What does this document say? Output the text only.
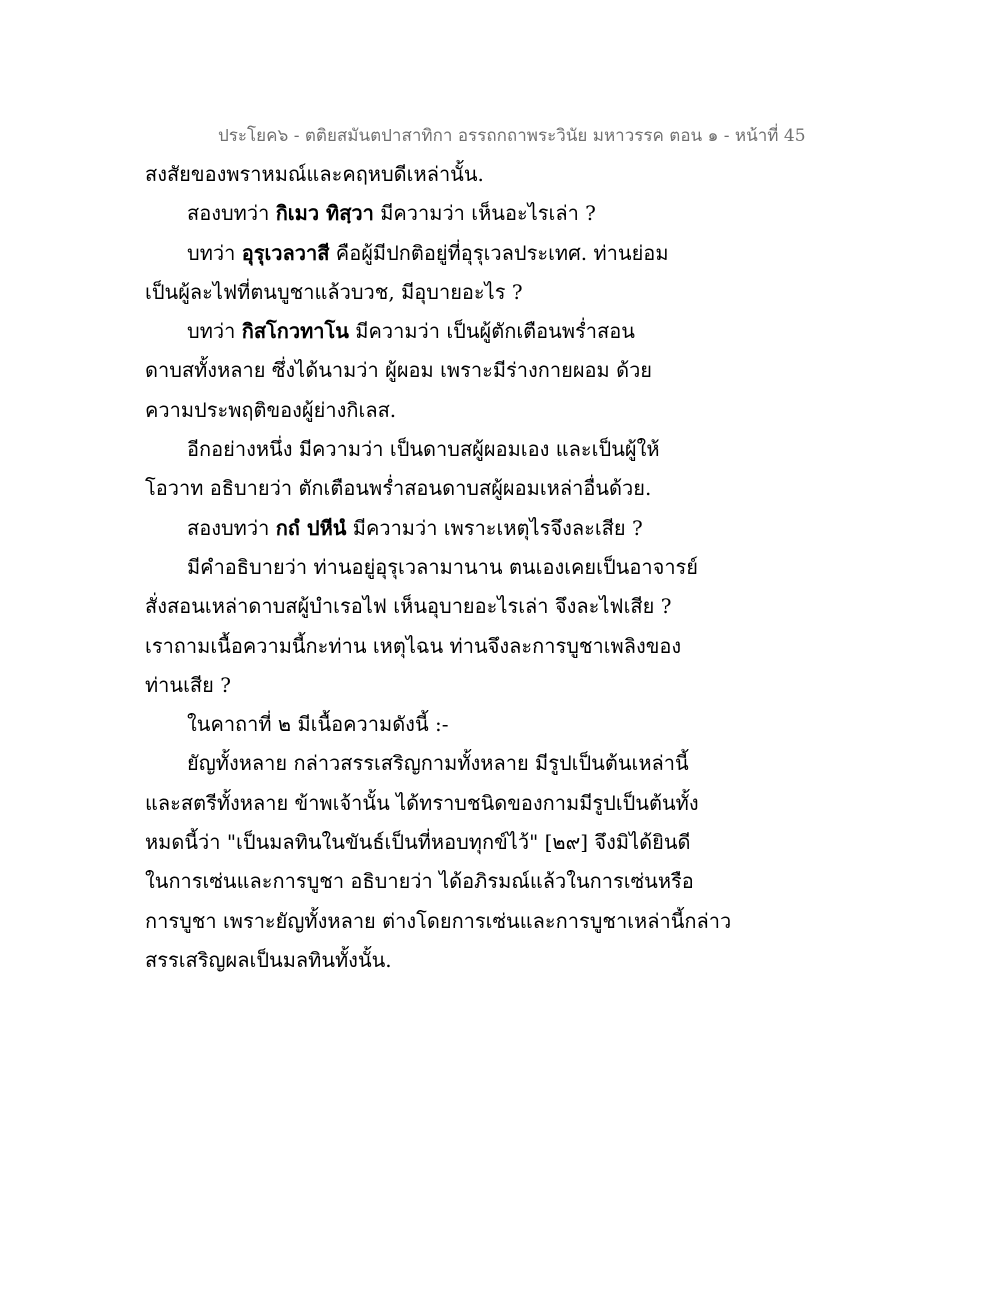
ประโยค๖ - ตติยสมันตปาสาทิกา อรรถกถาพระวินัย มหาวรรค ตอน ๑ - หน้าที่ 45
สงสัยของพราหมณ์และคฤหบดีเหล่านั้น.
สองบทว่า กิเมว ทิสฺวา มีความว่า เห็นอะไรเล่า ?
บทว่า อุรุเวลวาสี คือผู้มีปกติอยู่ที่อุรุเวลประเทศ. ท่านย่อม
เป็นผู้ละไฟที่ตนบูชาแล้วบวช, มีอุบายอะไร ?
บทว่า กิสโกวทาโน มีความว่า เป็นผู้ตักเตือนพร่ำสอน
ดาบสทั้งหลาย ซึ่งได้นามว่า ผู้ผอม เพราะมีร่างกายผอม ด้วย
ความประพฤติของผู้ย่างกิเลส.
อีกอย่างหนึ่ง มีความว่า เป็นดาบสผู้ผอมเอง และเป็นผู้ให้
โอวาท อธิบายว่า ตักเตือนพร่ำสอนดาบสผู้ผอมเหล่าอื่นด้วย.
สองบทว่า กถํ ปหีนํ มีความว่า เพราะเหตุไรจึงละเสีย ?
มีคำอธิบายว่า ท่านอยู่อุรุเวลามานาน ตนเองเคยเป็นอาจารย์
สั่งสอนเหล่าดาบสผู้บำเรอไฟ เห็นอุบายอะไรเล่า จึงละไฟเสีย ?
เราถามเนื้อความนี้กะท่าน เหตุไฉน ท่านจึงละการบูชาเพลิงของ
ท่านเสีย ?
ในคาถาที่ ๒ มีเนื้อความดังนี้ :-
ยัญทั้งหลาย กล่าวสรรเสริญกามทั้งหลาย มีรูปเป็นต้นเหล่านี้
และสตรีทั้งหลาย ข้าพเจ้านั้น ได้ทราบชนิดของกามมีรูปเป็นต้นทั้ง
หมดนี้ว่า "เป็นมลทินในขันธ์เป็นที่หอบทุกข์ไว้" [๒๙] จึงมิได้ยินดี
ในการเซ่นและการบูชา อธิบายว่า ได้อภิรมณ์แล้วในการเซ่นหรือ
การบูชา เพราะยัญทั้งหลาย ต่างโดยการเซ่นและการบูชาเหล่านี้กล่าว
สรรเสริญผลเป็นมลทินทั้งนั้น.
